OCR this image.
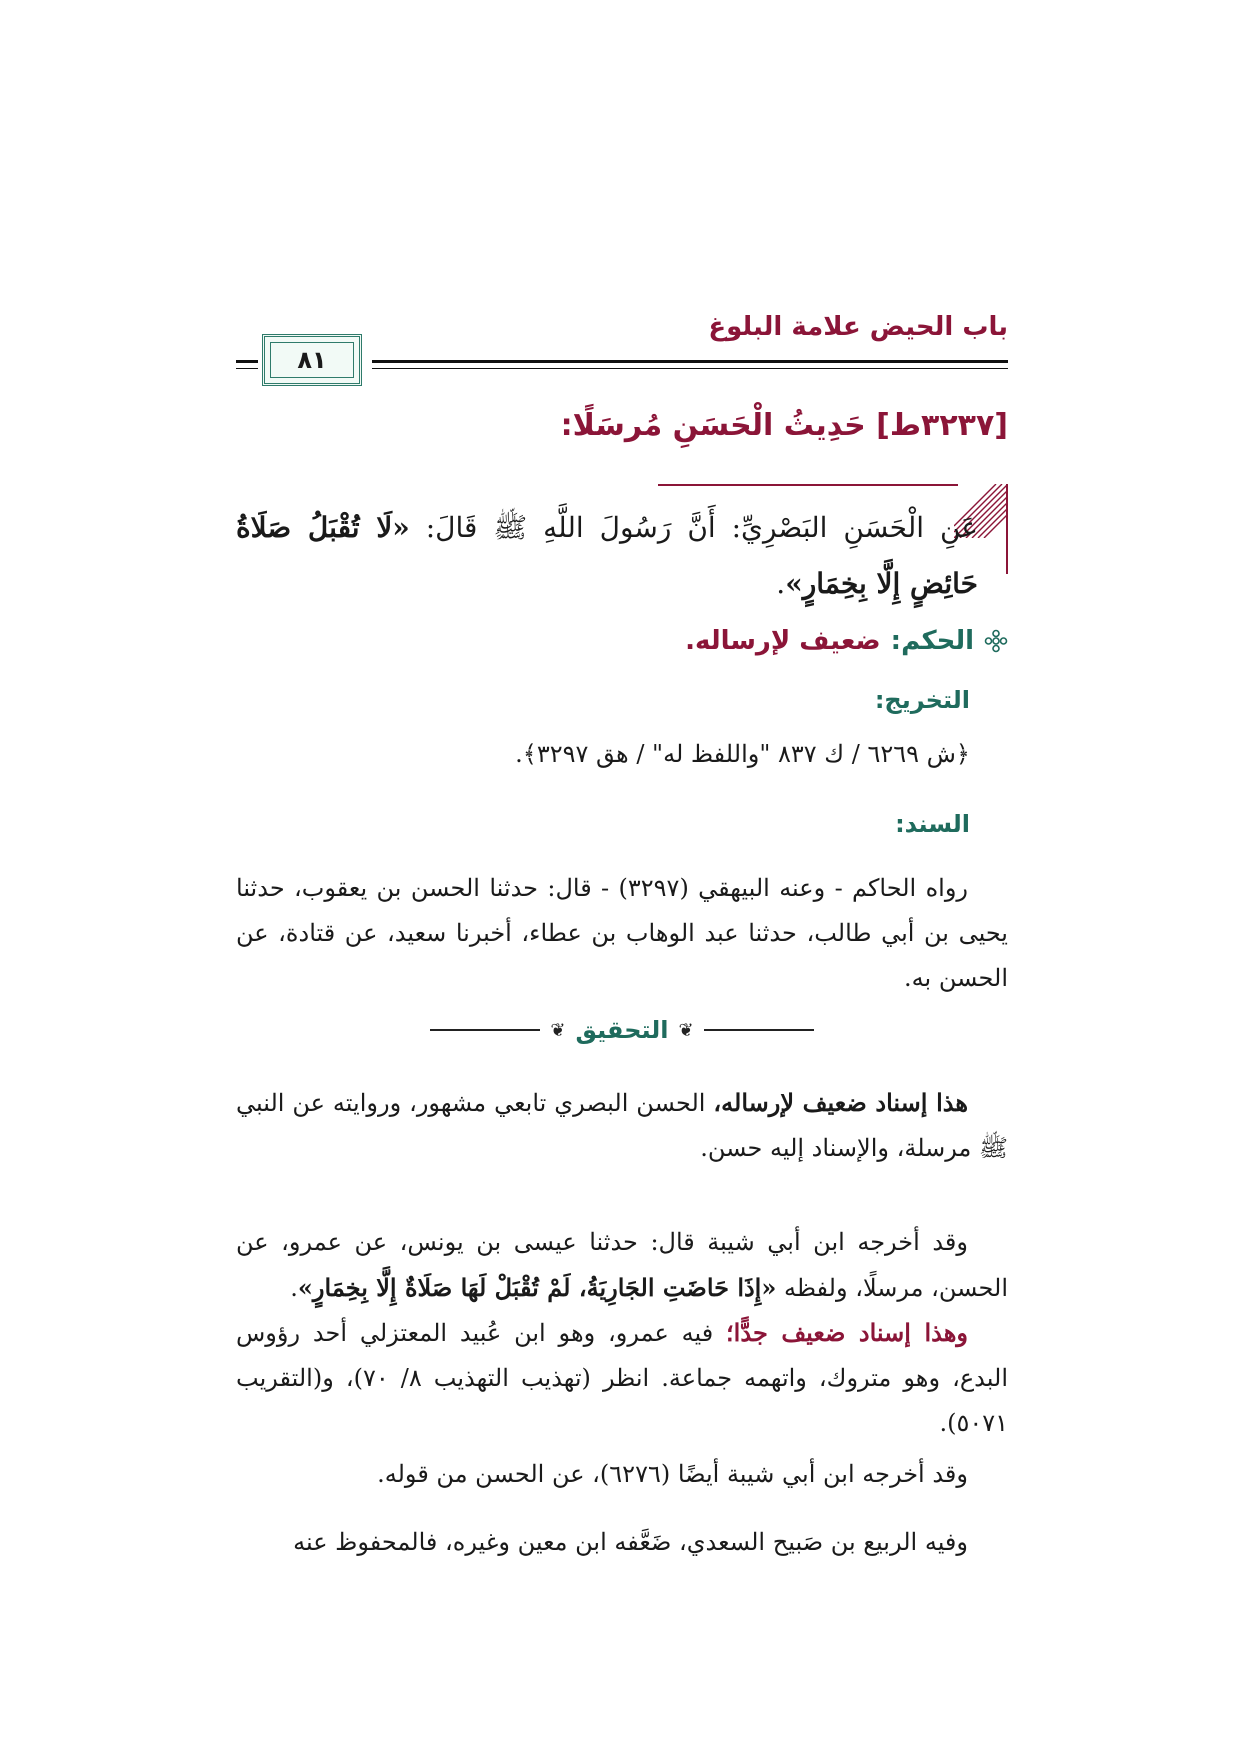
باب الحيض علامة البلوغ
٨١
[٣٢٣٧ط] حَدِيثُ الْحَسَنِ مُرسَلًا:
عَنِ الْحَسَنِ البَصْرِيِّ: أَنَّ رَسُولَ اللَّهِ ﷺ قَالَ: «لَا تُقْبَلُ صَلَاةُ حَائِضٍ إِلَّا بِخِمَارٍ».
الحكم:
ضعيف لإرساله.
التخريج:
﴿ش ٦٢٦٩ / ك ٨٣٧ "واللفظ له" / هق ٣٢٩٧﴾.
السند:
رواه الحاكم - وعنه البيهقي (٣٢٩٧) - قال: حدثنا الحسن بن يعقوب، حدثنا يحيى بن أبي طالب، حدثنا عبد الوهاب بن عطاء، أخبرنا سعيد، عن قتادة، عن الحسن به.
❦
التحقيق
❦
هذا إسناد ضعيف لإرساله، الحسن البصري تابعي مشهور، وروايته عن النبي ﷺ مرسلة، والإسناد إليه حسن.
وقد أخرجه ابن أبي شيبة قال: حدثنا عيسى بن يونس، عن عمرو، عن الحسن، مرسلًا، ولفظه «إِذَا حَاضَتِ الجَارِيَةُ، لَمْ تُقْبَلْ لَهَا صَلَاةٌ إِلَّا بِخِمَارٍ».
وهذا إسناد ضعيف جدًّا؛ فيه عمرو، وهو ابن عُبيد المعتزلي أحد رؤوس البدع، وهو متروك، واتهمه جماعة. انظر (تهذيب التهذيب ٨/ ٧٠)، و(التقريب ٥٠٧١).
وقد أخرجه ابن أبي شيبة أيضًا (٦٢٧٦)، عن الحسن من قوله.
وفيه الربيع بن صَبيح السعدي، ضَعَّفه ابن معين وغيره، فالمحفوظ عنه
